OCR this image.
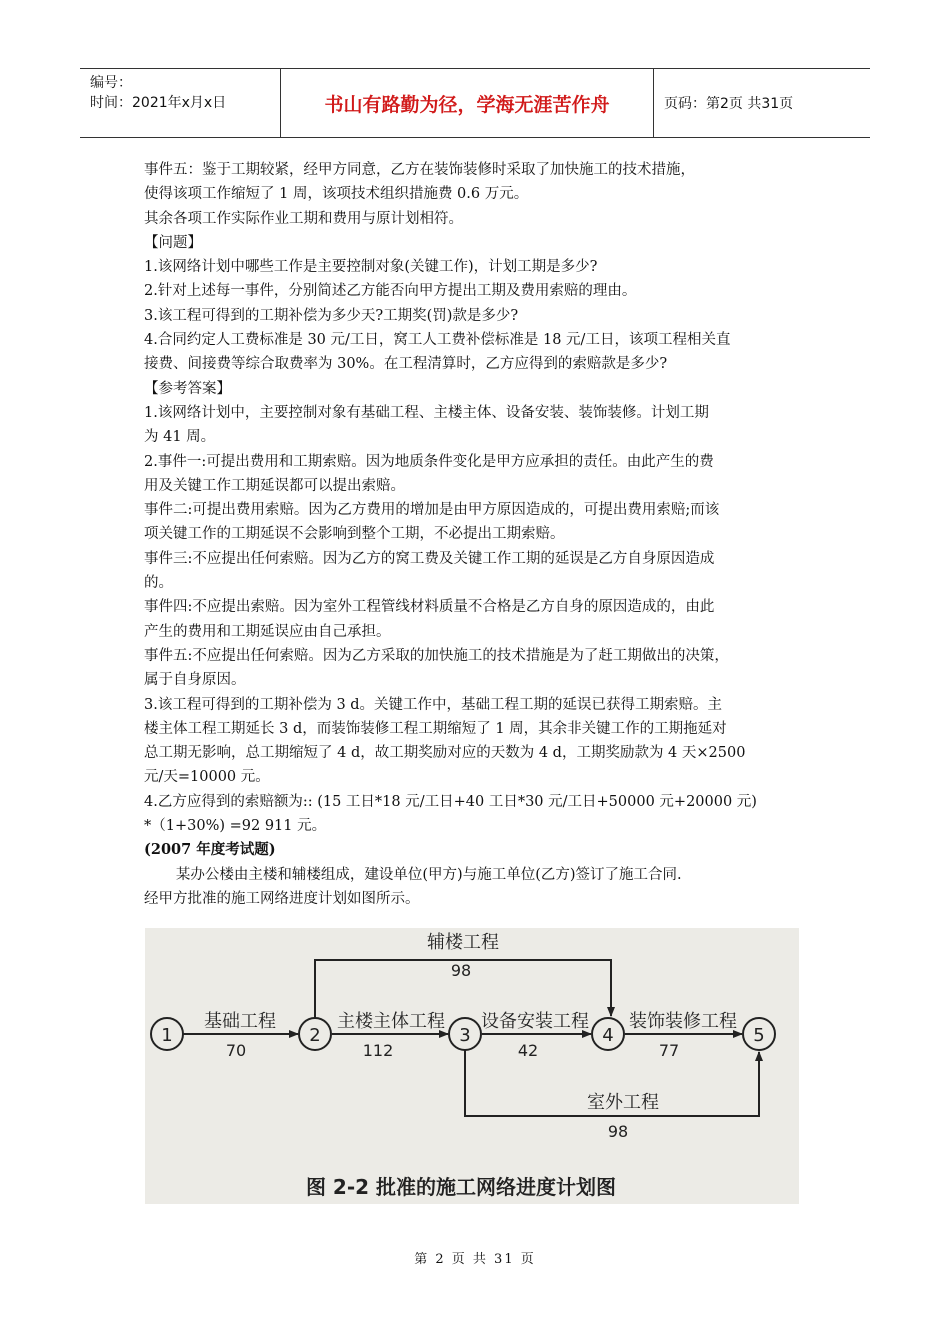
编号：
时间：2021年x月x日	书山有路勤为径，学海无涯苦作舟	页码：第2页 共31页

事件五：鉴于工期较紧，经甲方同意，乙方在装饰装修时采取了加快施工的技术措施，

使得该项工作缩短了 1 周，该项技术组织措施费 0.6 万元。

其余各项工作实际作业工期和费用与原计划相符。

【问题】

1.该网络计划中哪些工作是主要控制对象(关键工作)，计划工期是多少?

2.针对上述每一事件，分别简述乙方能否向甲方提出工期及费用索赔的理由。

3.该工程可得到的工期补偿为多少天?工期奖(罚)款是多少?

4.合同约定人工费标准是 30 元/工日，窝工人工费补偿标准是 18 元/工日，该项工程相关直

接费、间接费等综合取费率为 30%。在工程清算时，乙方应得到的索赔款是多少?

【参考答案】

1.该网络计划中，主要控制对象有基础工程、主楼主体、设备安装、装饰装修。计划工期

为 41 周。

2.事件一:可提出费用和工期索赔。因为地质条件变化是甲方应承担的责任。由此产生的费

用及关键工作工期延误都可以提出索赔。

事件二:可提出费用索赔。因为乙方费用的增加是由甲方原因造成的，可提出费用索赔;而该

项关键工作的工期延误不会影响到整个工期，不必提出工期索赔。

事件三:不应提出任何索赔。因为乙方的窝工费及关键工作工期的延误是乙方自身原因造成

的。

事件四:不应提出索赔。因为室外工程管线材料质量不合格是乙方自身的原因造成的，由此

产生的费用和工期延误应由自己承担。

事件五:不应提出任何索赔。因为乙方采取的加快施工的技术措施是为了赶工期做出的决策，

属于自身原因。

3.该工程可得到的工期补偿为 3 d。关键工作中，基础工程工期的延误已获得工期索赔。主

楼主体工程工期延长 3 d，而装饰装修工程工期缩短了 1 周，其余非关键工作的工期拖延对

总工期无影响，总工期缩短了 4 d，故工期奖励对应的天数为 4 d，工期奖励款为 4 天×2500

元/天=10000 元。

4.乙方应得到的索赔额为:: (15 工日*18 元/工日+40 工日*30 元/工日+50000 元+20000 元)

*（1+30%) =92 911 元。

(2007 年度考试题)

某办公楼由主楼和辅楼组成，建设单位(甲方)与施工单位(乙方)签订了施工合同.

经甲方批准的施工网络进度计划如图所示。

1	2	3	4	5
辅楼工程
98
基础工程
70
主楼主体工程
112
设备安装工程
42
装饰装修工程
77
室外工程
98
图 2-2 批准的施工网络进度计划图
第 2 页 共 31 页
